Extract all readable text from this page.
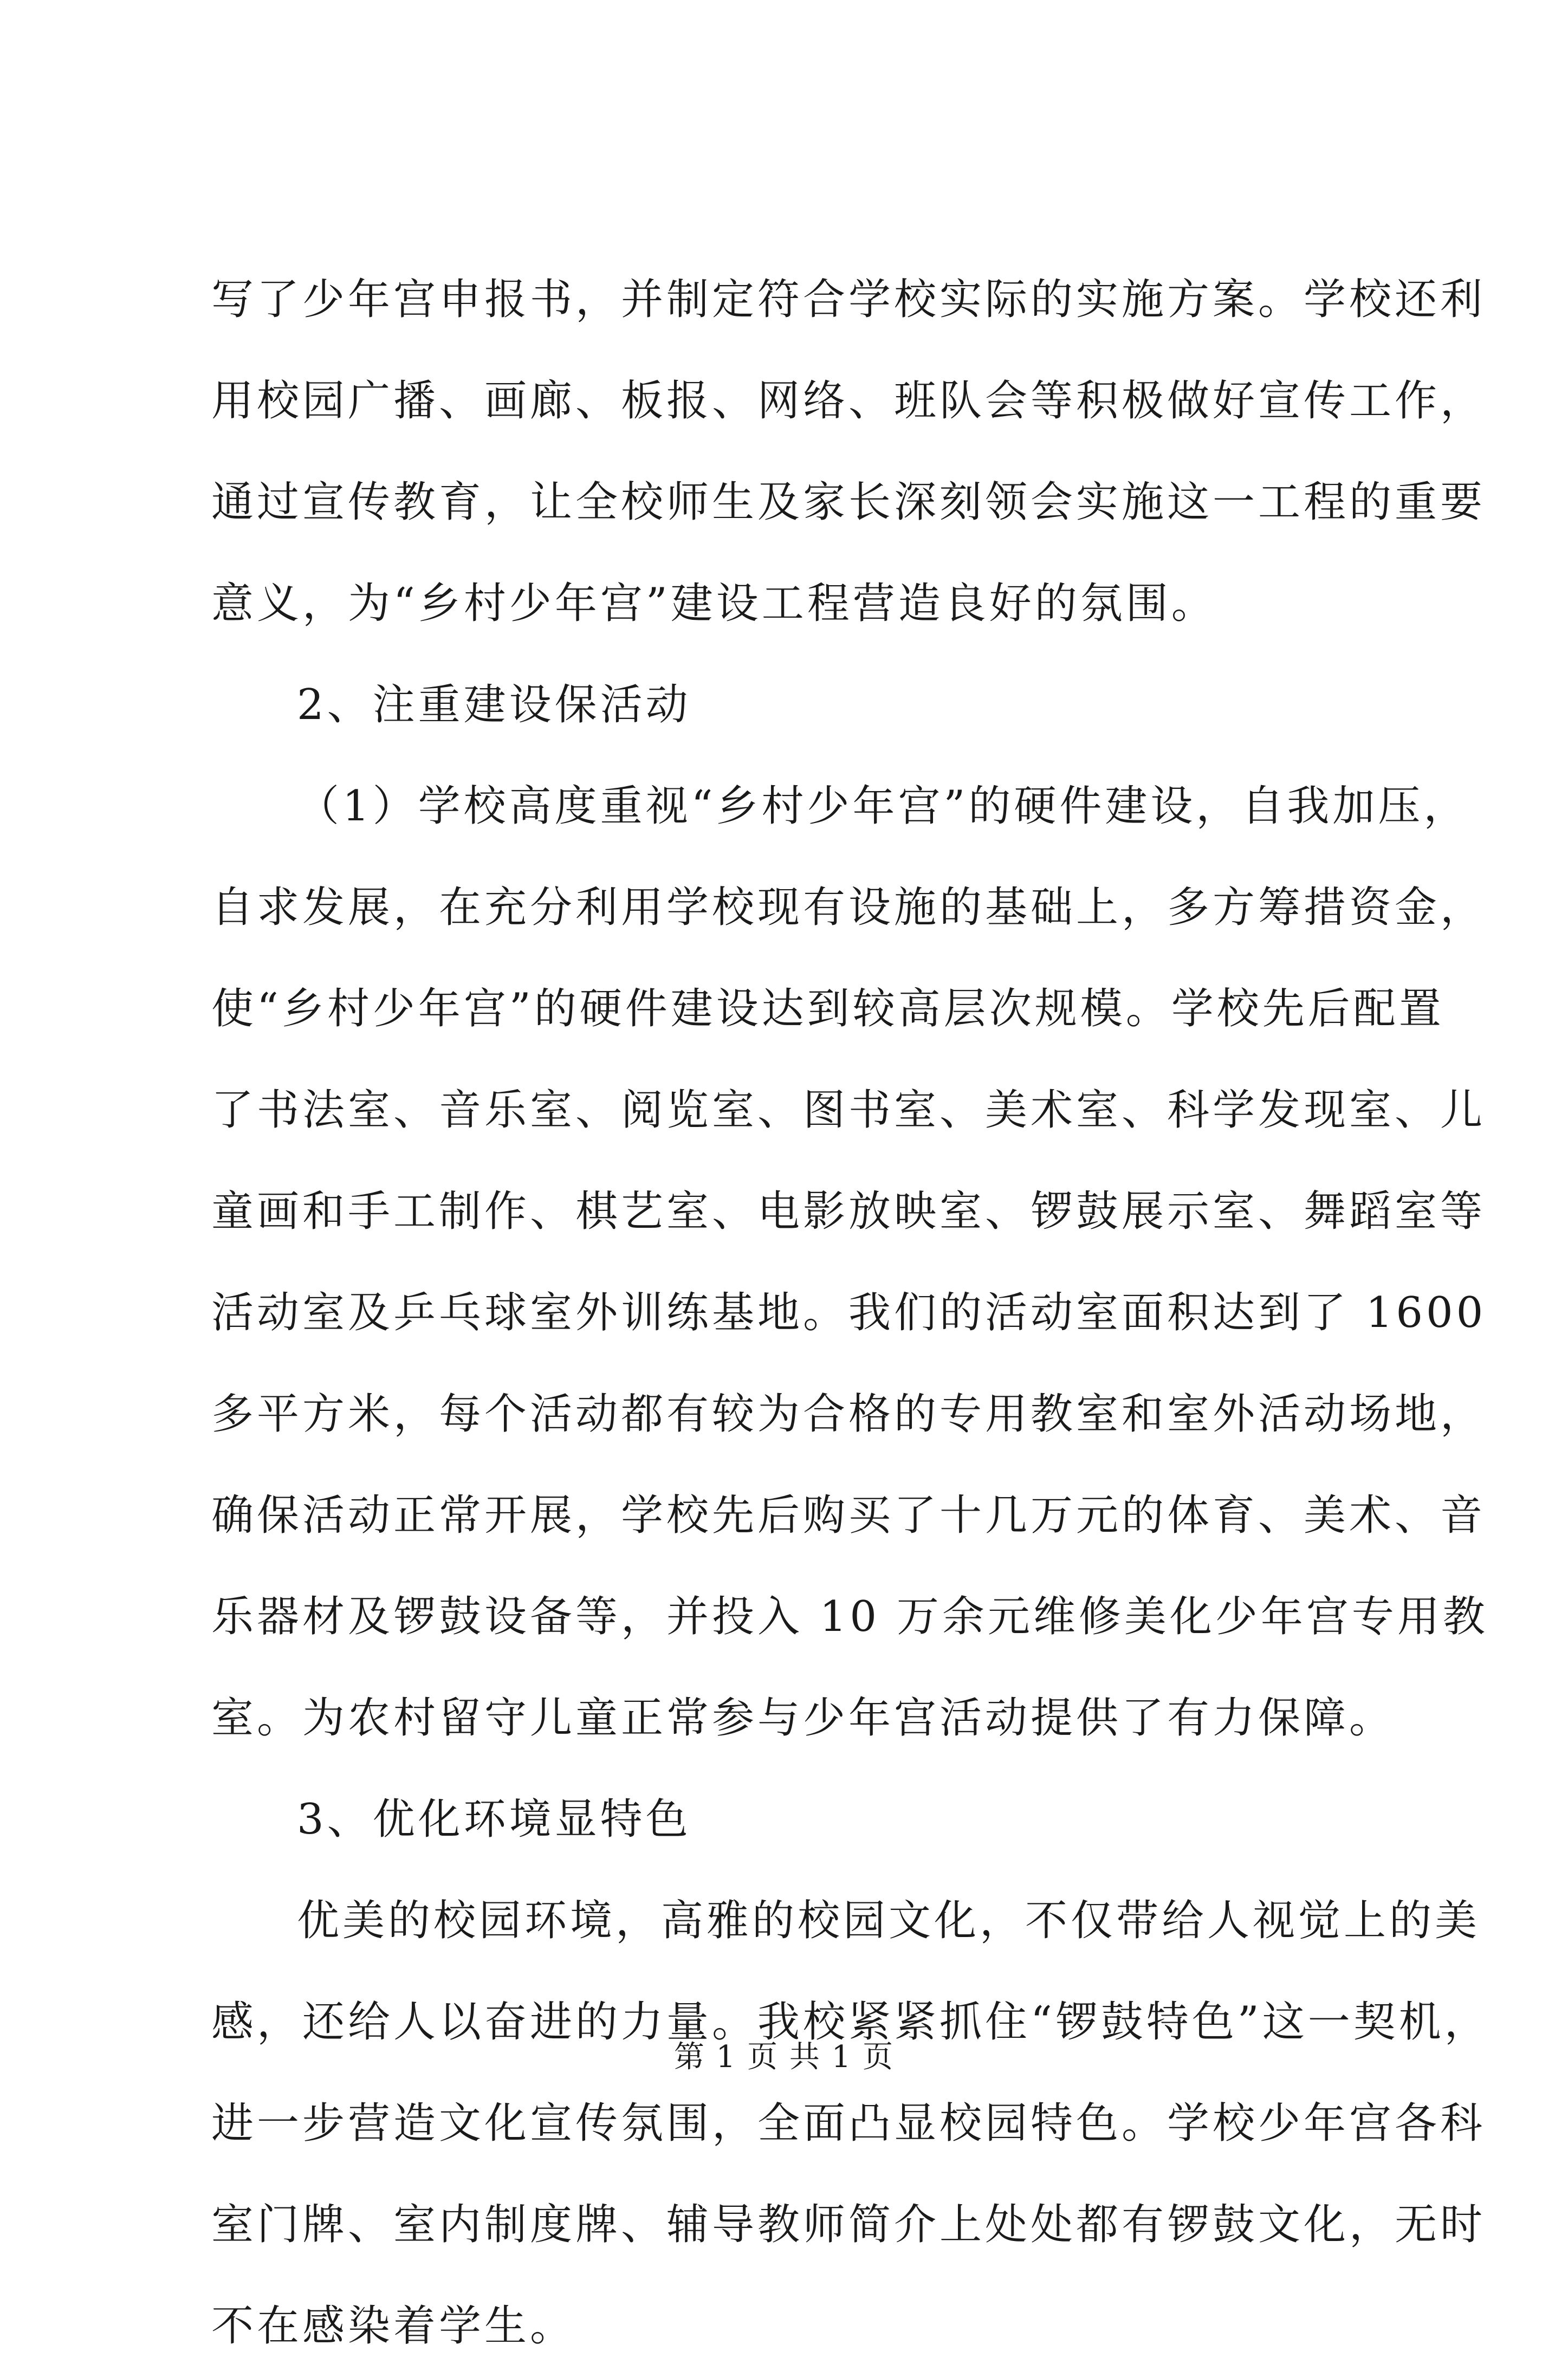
写了少年宫申报书，并制定符合学校实际的实施方案。学校还利
用校园广播、画廊、板报、网络、班队会等积极做好宣传工作，
通过宣传教育，让全校师生及家长深刻领会实施这一工程的重要
意义，为“乡村少年宫”建设工程营造良好的氛围。
2、注重建设保活动
（1）学校高度重视“乡村少年宫”的硬件建设，自我加压，
自求发展，在充分利用学校现有设施的基础上，多方筹措资金，
使“乡村少年宫”的硬件建设达到较高层次规模。学校先后配置
了书法室、音乐室、阅览室、图书室、美术室、科学发现室、儿
童画和手工制作、棋艺室、电影放映室、锣鼓展示室、舞蹈室等
活动室及乒乓球室外训练基地。我们的活动室面积达到了 1600
多平方米，每个活动都有较为合格的专用教室和室外活动场地，
确保活动正常开展，学校先后购买了十几万元的体育、美术、音
乐器材及锣鼓设备等，并投入 10 万余元维修美化少年宫专用教
室。为农村留守儿童正常参与少年宫活动提供了有力保障。
3、优化环境显特色
优美的校园环境，高雅的校园文化，不仅带给人视觉上的美
感，还给人以奋进的力量。我校紧紧抓住“锣鼓特色”这一契机，
进一步营造文化宣传氛围，全面凸显校园特色。学校少年宫各科
室门牌、室内制度牌、辅导教师简介上处处都有锣鼓文化，无时
不在感染着学生。
第 1 页 共 1 页
